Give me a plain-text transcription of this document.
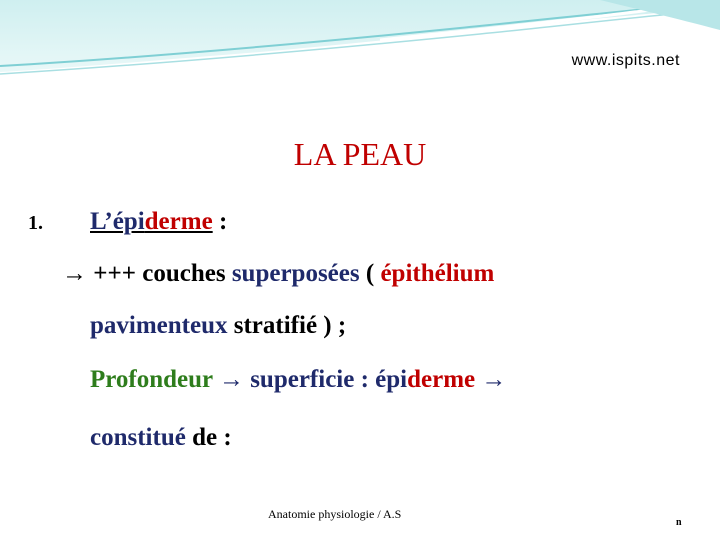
www.ispits.net
LA PEAU
1. L’épiderme :
→ +++ couches superposées ( épithélium
pavimenteux stratifié ) ;
Profondeur → superficie : épiderme →
constitué de :
Anatomie physiologie / A.S
n
